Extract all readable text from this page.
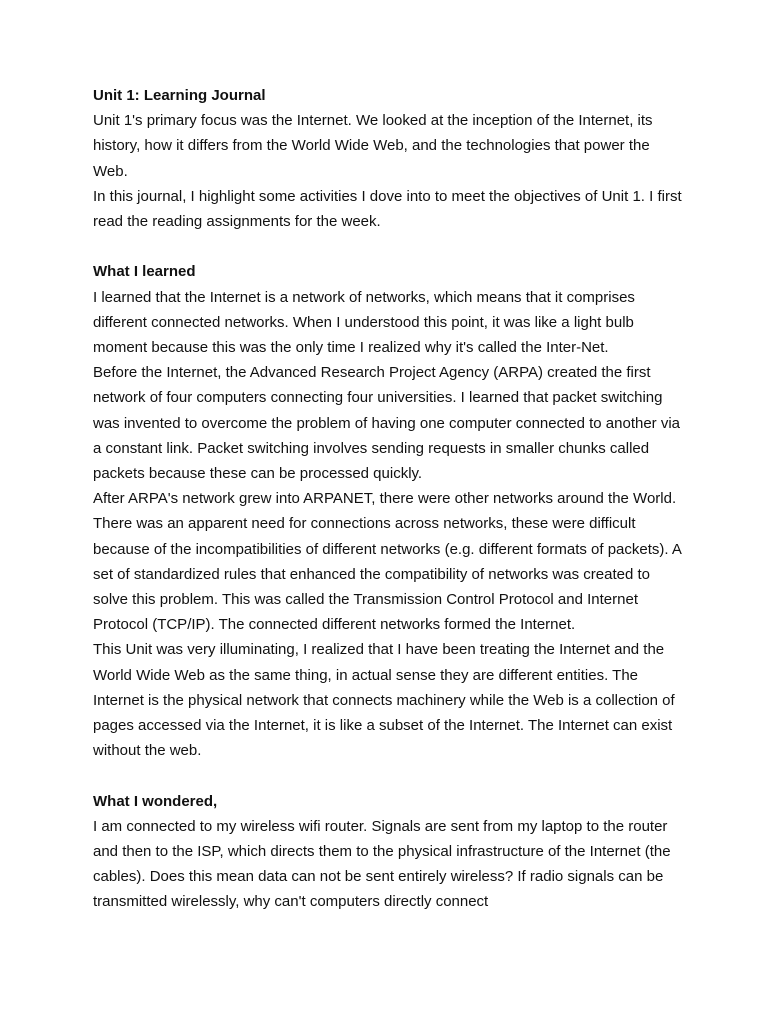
Unit 1: Learning Journal

Unit 1's primary focus was the Internet. We looked at the inception of the Internet, its history, how it differs from the World Wide Web, and the technologies that power the Web.

In this journal, I highlight some activities I dove into to meet the objectives of Unit 1. I first read the reading assignments for the week.

What I learned

I learned that the Internet is a network of networks, which means that it comprises different connected networks. When I understood this point, it was like a light bulb moment because this was the only time I realized why it's called the Inter-Net.

Before the Internet, the Advanced Research Project Agency (ARPA) created the first network of four computers connecting four universities. I learned that packet switching was invented to overcome the problem of having one computer connected to another via a constant link. Packet switching involves sending requests in smaller chunks called packets because these can be processed quickly.

After ARPA's network grew into ARPANET, there were other networks around the World. There was an apparent need for connections across networks, these were difficult because of the incompatibilities of different networks (e.g. different formats of packets). A set of standardized rules that enhanced the compatibility of networks was created to solve this problem. This was called the Transmission Control Protocol and Internet Protocol (TCP/IP). The connected different networks formed the Internet.

This Unit was very illuminating, I realized that I have been treating the Internet and the World Wide Web as the same thing, in actual sense they are different entities. The Internet is the physical network that connects machinery while the Web is a collection of pages accessed via the Internet, it is like a subset of the Internet. The Internet can exist without the web.

What I wondered,

I am connected to my wireless wifi router. Signals are sent from my laptop to the router and then to the ISP, which directs them to the physical infrastructure of the Internet (the cables). Does this mean data can not be sent entirely wireless? If radio signals can be transmitted wirelessly, why can't computers directly connect
